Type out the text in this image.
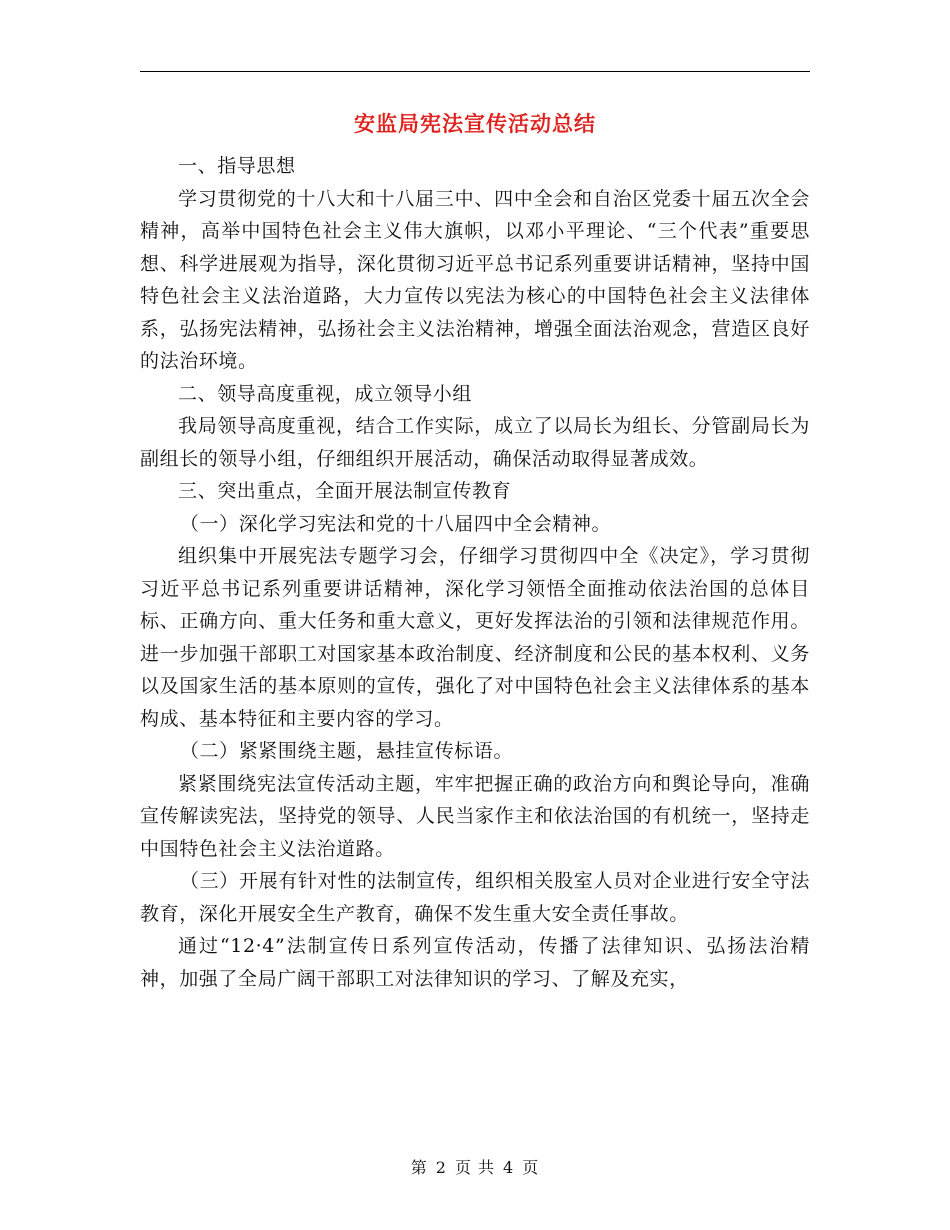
安监局宪法宣传活动总结

一、指导思想

学习贯彻党的十八大和十八届三中、四中全会和自治区党委十届五次全会精神，高举中国特色社会主义伟大旗帜，以邓小平理论、“三个代表”重要思想、科学进展观为指导，深化贯彻习近平总书记系列重要讲话精神，坚持中国特色社会主义法治道路，大力宣传以宪法为核心的中国特色社会主义法律体系，弘扬宪法精神，弘扬社会主义法治精神，增强全面法治观念，营造区良好的法治环境。

二、领导高度重视，成立领导小组

我局领导高度重视，结合工作实际，成立了以局长为组长、分管副局长为副组长的领导小组，仔细组织开展活动，确保活动取得显著成效。

三、突出重点，全面开展法制宣传教育

（一）深化学习宪法和党的十八届四中全会精神。

组织集中开展宪法专题学习会，仔细学习贯彻四中全《决定》，学习贯彻习近平总书记系列重要讲话精神，深化学习领悟全面推动依法治国的总体目标、正确方向、重大任务和重大意义，更好发挥法治的引领和法律规范作用。进一步加强干部职工对国家基本政治制度、经济制度和公民的基本权利、义务以及国家生活的基本原则的宣传，强化了对中国特色社会主义法律体系的基本构成、基本特征和主要内容的学习。

（二）紧紧围绕主题，悬挂宣传标语。

紧紧围绕宪法宣传活动主题，牢牢把握正确的政治方向和舆论导向，准确宣传解读宪法，坚持党的领导、人民当家作主和依法治国的有机统一，坚持走中国特色社会主义法治道路。

（三）开展有针对性的法制宣传，组织相关股室人员对企业进行安全守法教育，深化开展安全生产教育，确保不发生重大安全责任事故。

通过“12·4”法制宣传日系列宣传活动，传播了法律知识、弘扬法治精神，加强了全局广阔干部职工对法律知识的学习、了解及充实，

第 2 页 共 4 页
